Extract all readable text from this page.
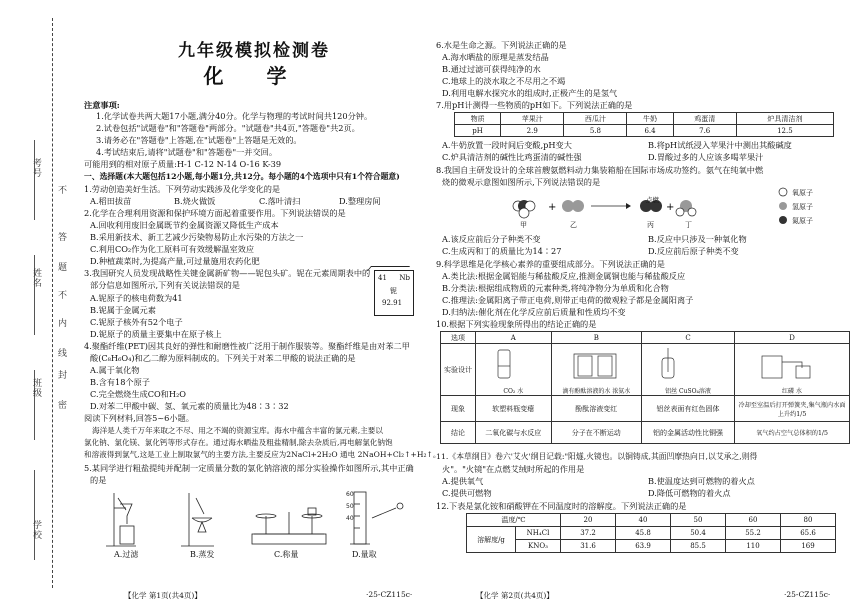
考号
姓名
班级
学校
不
答
题
不
内
线
封
密
九年级模拟检测卷
化 学
注意事项:
1.化学试卷共两大题17小题,满分40分。化学与物理的考试时间共120分钟。
2.试卷包括"试题卷"和"答题卷"两部分。"试题卷"共4页,"答题卷"共2页。
3.请务必在"答题卷"上答题,在"试题卷"上答题是无效的。
4.考试结束后,请将"试题卷"和"答题卷"一并交回。
可能用到的相对原子质量:H-1 C-12 N-14 O-16 K-39
一、选择题(本大题包括12小题,每小题1分,共12分。每小题的4个选项中只有1个符合题意)
1.劳动创造美好生活。下列劳动实践涉及化学变化的是
A.稻田拔苗	B.烧火做饭	C.落叶清扫	D.整理房间
2.化学在合理利用资源和保护环境方面起着重要作用。下列说法错误的是
A.回收利用废旧金属既节约金属资源又降低生产成本
B.采用新技术、新工艺减少污染物易防止水污染的方法之一
C.利用CO₂作为化工原料可有效缓解温室效应
D.种植蔬菜时,为提高产量,可过量施用农药化肥
3.我国研究人员发现战略性关键金属新矿物——铌包头矿。铌在元素周期表中的
部分信息如图所示,下列有关说法错误的是
A.铌原子的核电荷数为41
B.铌属于金属元素
C.铌原子核外有52个电子
D.铌原子的质量主要集中在原子核上
41 Nb
铌
92.91
4.聚酯纤维(PET)因其良好的弹性和耐磨性被广泛用于制作服装等。聚酯纤维是由对苯二甲
酸(C₈H₆O₄)和乙二醇为原料制成的。下列关于对苯二甲酸的说法正确的是
A.属于氧化物
B.含有18个原子
C.完全燃烧生成CO和H₂O
D.对苯二甲酸中碳、氢、氧元素的质量比为48∶3∶32
阅读下列材料,回答5~6小题。
海洋是人类千万年来取之不尽、用之不竭的资源宝库。海水中蕴含丰富的氯元素,主要以
氯化钠、氯化镁、氯化钙等形式存在。通过海水晒盐及粗盐精制,除去杂质后,再电解氯化钠饱
和溶液得到氯气,这是工业上制取氯气的主要方法,主要反应为2NaCl+2H₂O 通电 2NaOH+Cl₂↑+H₂↑。
5.某同学进行粗盐提纯并配制一定质量分数的氯化钠溶液的部分实验操作如图所示,其中正确
的是
60
50
40
A.过滤	B.蒸发	C.称量	D.量取
【化学 第1页(共4页)】	·25-CZ115c·
6.水是生命之源。下列说法正确的是
A.海水晒盐的原理是蒸发结晶
B.通过过滤可获得纯净的水
C.地球上的淡水取之不尽用之不竭
D.利用电解水探究水的组成时,正极产生的是氢气
7.用pH计测得一些物质的pH如下。下列说法正确的是
物质	苹果汁	西瓜汁	牛奶	鸡蛋清	炉具清洁剂
pH	2.9	5.8	6.4	7.6	12.5
A.牛奶放置一段时间后变酸,pH变大	B.将pH试纸浸入苹果汁中测出其酸碱度
C.炉具清洁剂的碱性比鸡蛋清的碱性强	D.胃酸过多的人应该多喝苹果汁
8.我国自主研发设计的全球首艘氨燃料动力集装箱船在国际市场成功签约。氨气在纯氧中燃
烧的微观示意图如图所示,下列说法错误的是
+	+
点燃
甲	乙	丙	丁
氧原子
氢原子
氮原子
A.该反应前后分子种类不变	B.反应中只涉及一种氧化物
C.生成丙和丁的质量比为14∶27	D.反应前后原子种类不变
9.科学思维是化学核心素养的重要组成部分。下列说法正确的是
A.类比法:根据金属铝能与稀盐酸反应,推测金属铜也能与稀盐酸反应
B.分类法:根据组成物质的元素种类,将纯净物分为单质和化合物
C.推理法:金属阳离子带正电荷,则带正电荷的微观粒子都是金属阳离子
D.归纳法:催化剂在化学反应前后质量和性质均不变
10.根据下列实验现象所得出的结论正确的是
选项	A	B	C	D
实验设计	CO₂ 水	滴有酚酞溶液的水 浓氨水	铝丝 CuSO₄溶液	红磷 水
现象	软塑料瓶变瘪	酚酞溶液变红	铝丝表面有红色固体	冷却至室温后打开弹簧夹,集气瓶内水面上升约1/5
结论	二氧化碳与水反应	分子在不断运动	铝的金属活动性比铜强	氧气约占空气总体积的1/5
11.《本草纲目》卷六'艾火'纲目记载:"阳燧,火镜也。以铜铸成,其面凹摩热向日,以艾承之,则得
火"。"火镜"在点燃艾绒时所起的作用是
A.提供氧气	B.使温度达到可燃物的着火点
C.提供可燃物	D.降低可燃物的着火点
12.下表是氯化铵和硝酸钾在不同温度时的溶解度。下列说法正确的是
温度/℃		20	40	50	60	80
溶解度/g	NH₄Cl	37.2	45.8	50.4	55.2	65.6
	KNO₃	31.6	63.9	85.5	110	169
【化学 第2页(共4页)】	·25-CZ115c·
